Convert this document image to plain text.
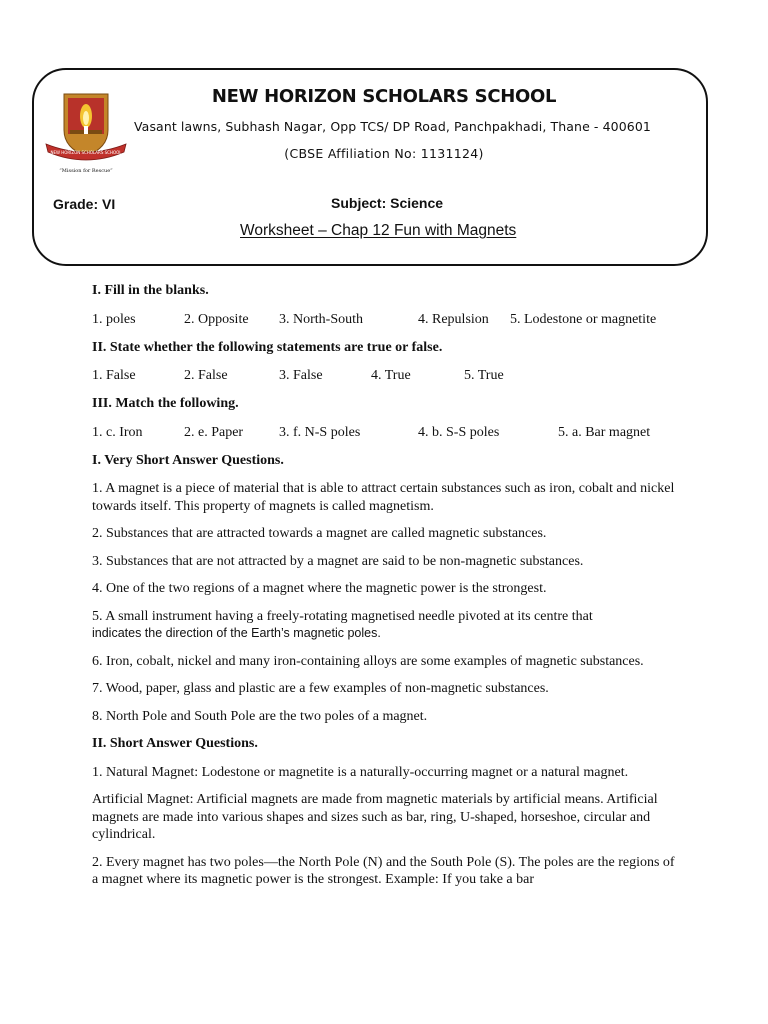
NEW HORIZON SCHOLARS SCHOOL
“Mission for Rescue”
NEW HORIZON SCHOLARS SCHOOL
Vasant lawns, Subhash Nagar, Opp TCS/ DP Road, Panchpakhadi, Thane - 400601
(CBSE Affiliation No: 1131124)
Grade: VI	Subject: Science
Worksheet – Chap 12 Fun with Magnets
I. Fill in the blanks.
1. poles	2. Opposite 3. North-South	4. Repulsion 5. Lodestone or magnetite
II. State whether the following statements are true or false.
1. False	2. False	3. False	4. True	5. True
III. Match the following.
1. c. Iron	2. e. Paper	3. f. N-S poles	4. b. S-S poles	5. a. Bar magnet
I. Very Short Answer Questions.
1. A magnet is a piece of material that is able to attract certain substances such as iron, cobalt and nickel towards itself. This property of magnets is called magnetism.
2. Substances that are attracted towards a magnet are called magnetic substances.
3. Substances that are not attracted by a magnet are said to be non-magnetic substances.
4. One of the two regions of a magnet where the magnetic power is the strongest.
5. A small instrument having a freely-rotating magnetised needle pivoted at its centre that
indicates the direction of the Earth’s magnetic poles.
6. Iron, cobalt, nickel and many iron-containing alloys are some examples of magnetic substances.
7. Wood, paper, glass and plastic are a few examples of non-magnetic substances.
8. North Pole and South Pole are the two poles of a magnet.
II. Short Answer Questions.
1. Natural Magnet: Lodestone or magnetite is a naturally-occurring magnet or a natural magnet.
Artificial Magnet: Artificial magnets are made from magnetic materials by artificial means. Artificial magnets are made into various shapes and sizes such as bar, ring, U-shaped, horseshoe, circular and cylindrical.
2. Every magnet has two poles—the North Pole (N) and the South Pole (S). The poles are the regions of a magnet where its magnetic power is the strongest. Example: If you take a bar
